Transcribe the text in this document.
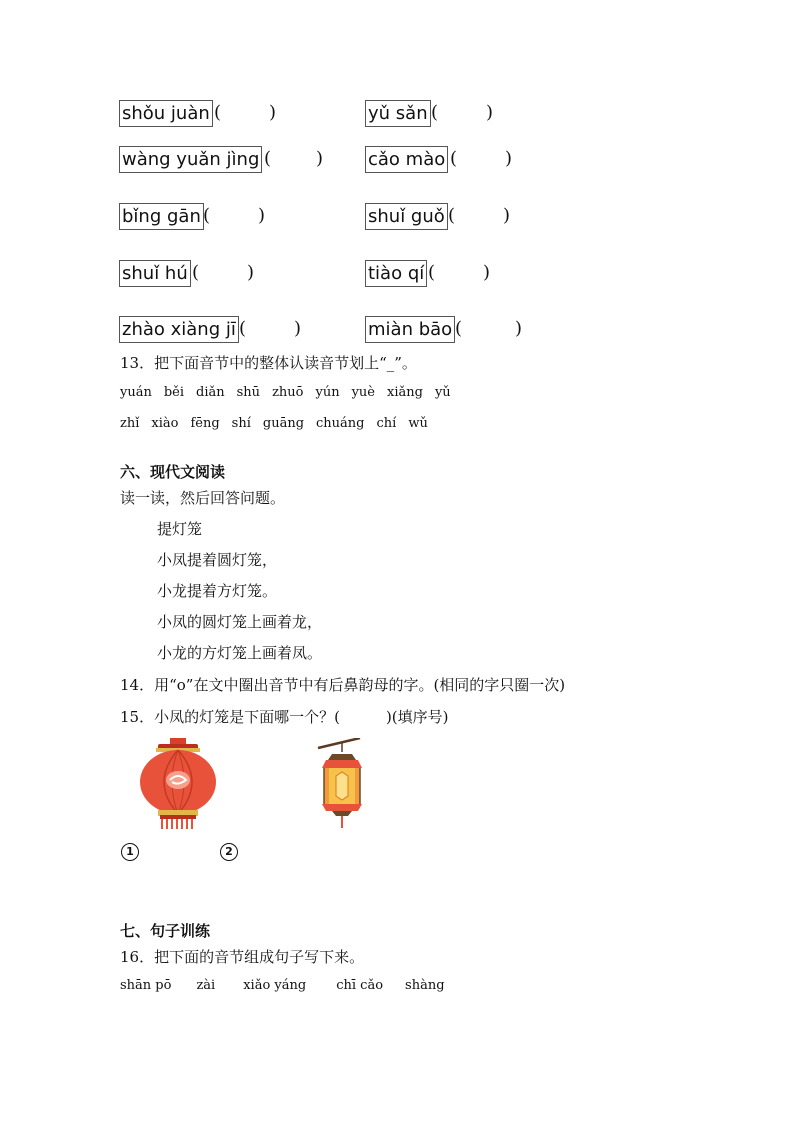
shǒu juàn (	)	yǔ sǎn (	)
wàng yuǎn jìng ( ) cǎo mào (	)
bǐng gān (	)	shuǐ guǒ (	)
shuǐ hú (	)	tiào qí (	)
zhào xiàng jī (	)	miàn bāo (	)
13．把下面音节中的整体认读音节划上“_”。
yuán běi diǎn shū zhuō yún yuè xiǎng yǔ
zhǐ xiào fēng shí guāng chuáng chí wǔ
六、现代文阅读
读一读，然后回答问题。
提灯笼
小凤提着圆灯笼，
小龙提着方灯笼。
小凤的圆灯笼上画着龙，
小龙的方灯笼上画着凤。
14．用“o”在文中圈出音节中有后鼻韵母的字。(相同的字只圈一次)
15．小凤的灯笼是下面哪一个？(	)(填序号)
1	2
七、句子训练
16．把下面的音节组成句子写下来。
shān pō zài xiǎo yáng chī cǎo shàng
